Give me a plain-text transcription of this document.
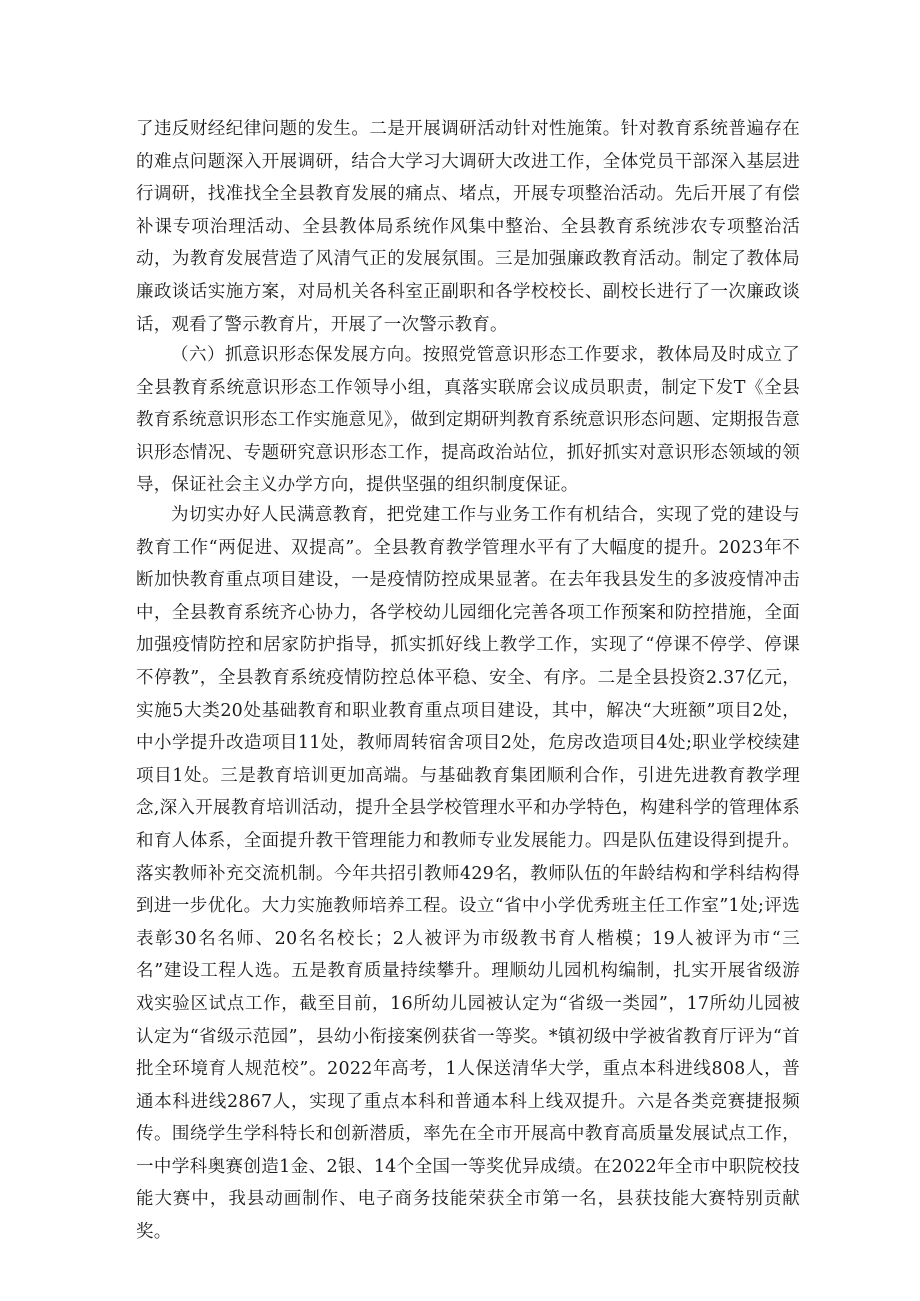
了违反财经纪律问题的发生。二是开展调研活动针对性施策。针对教育系统普遍存在的难点问题深入开展调研，结合大学习大调研大改进工作，全体党员干部深入基层进行调研，找准找全全县教育发展的痛点、堵点，开展专项整治活动。先后开展了有偿补课专项治理活动、全县教体局系统作风集中整治、全县教育系统涉农专项整治活动，为教育发展营造了风清气正的发展氛围。三是加强廉政教育活动。制定了教体局廉政谈话实施方案，对局机关各科室正副职和各学校校长、副校长进行了一次廉政谈话，观看了警示教育片，开展了一次警示教育。

（六）抓意识形态保发展方向。按照党管意识形态工作要求，教体局及时成立了全县教育系统意识形态工作领导小组，真落实联席会议成员职责，制定下发T《全县教育系统意识形态工作实施意见》，做到定期研判教育系统意识形态问题、定期报告意识形态情况、专题研究意识形态工作，提高政治站位，抓好抓实对意识形态领域的领导，保证社会主义办学方向，提供坚强的组织制度保证。

为切实办好人民满意教育，把党建工作与业务工作有机结合，实现了党的建设与教育工作“两促进、双提高”。全县教育教学管理水平有了大幅度的提升。2023年不断加快教育重点项目建设，一是疫情防控成果显著。在去年我县发生的多波疫情冲击中，全县教育系统齐心协力，各学校幼儿园细化完善各项工作预案和防控措施，全面加强疫情防控和居家防护指导，抓实抓好线上教学工作，实现了“停课不停学、停课不停教”，全县教育系统疫情防控总体平稳、安全、有序。二是全县投资2.37亿元，实施5大类20处基础教育和职业教育重点项目建设，其中，解决“大班额”项目2处，中小学提升改造项目11处，教师周转宿舍项目2处，危房改造项目4处;职业学校续建项目1处。三是教育培训更加高端。与基础教育集团顺利合作，引进先进教育教学理念,深入开展教育培训活动，提升全县学校管理水平和办学特色，构建科学的管理体系和育人体系，全面提升教干管理能力和教师专业发展能力。四是队伍建设得到提升。落实教师补充交流机制。今年共招引教师429名，教师队伍的年龄结构和学科结构得到进一步优化。大力实施教师培养工程。设立“省中小学优秀班主任工作室”1处;评选表彰30名名师、20名名校长；2人被评为市级教书育人楷模；19人被评为市“三名”建设工程人选。五是教育质量持续攀升。理顺幼儿园机构编制，扎实开展省级游戏实验区试点工作，截至目前，16所幼儿园被认定为“省级一类园”，17所幼儿园被认定为“省级示范园”，县幼小衔接案例获省一等奖。*镇初级中学被省教育厅评为“首批全环境育人规范校”。2022年高考，1人保送清华大学，重点本科进线808人，普通本科进线2867人，实现了重点本科和普通本科上线双提升。六是各类竞赛捷报频传。围绕学生学科特长和创新潜质，率先在全市开展高中教育高质量发展试点工作，一中学科奥赛创造1金、2银、14个全国一等奖优异成绩。在2022年全市中职院校技能大赛中，我县动画制作、电子商务技能荣获全市第一名，县获技能大赛特别贡献奖。
